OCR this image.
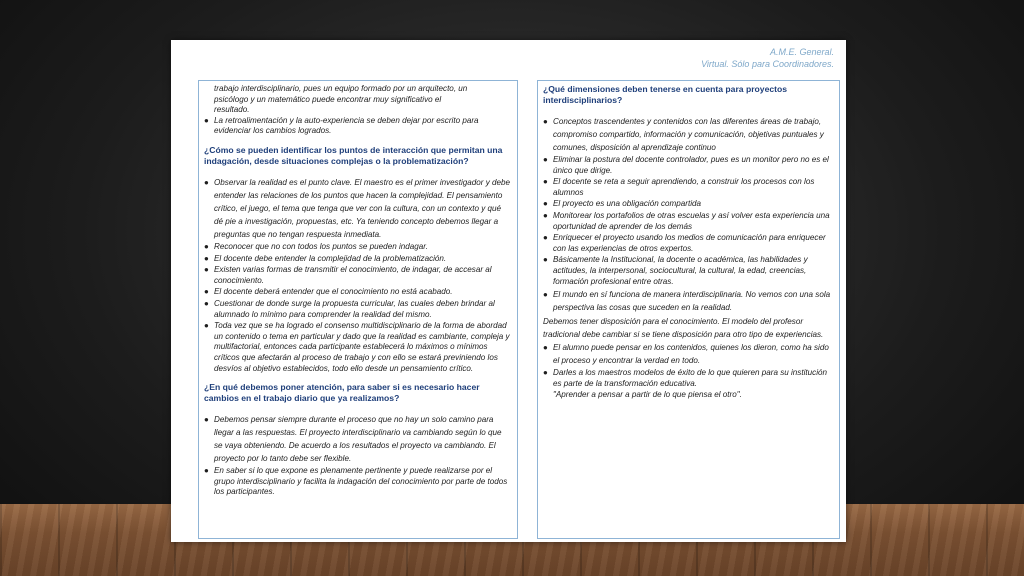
A.M.E. General.
Virtual. Sólo para Coordinadores.
trabajo interdisciplinario, pues un equipo formado por un arquitecto, un
psicólogo y un matemático puede encontrar muy significativo el
resultado.
● La retroalimentación y la auto-experiencia se deben dejar por escrito para evidenciar los cambios logrados.
¿Cómo se pueden identificar los puntos de interacción que permitan una indagación, desde situaciones complejas o la problematización?
● Observar la realidad es el punto clave. El maestro es el primer investigador y debe entender las relaciones de los puntos que hacen la complejidad. El pensamiento crítico, el juego, el tema que tenga que ver con la cultura, con un contexto y qué dé pie a investigación, propuestas, etc. Ya teniendo concepto debemos llegar a preguntas que no tengan respuesta inmediata.
● Reconocer que no con todos los puntos se pueden indagar.
● El docente debe entender la complejidad de la problematización.
● Existen varias formas de transmitir el conocimiento, de indagar, de accesar al conocimiento.
● El docente deberá entender que el conocimiento no está acabado.
● Cuestionar de donde surge la propuesta curricular, las cuales deben brindar al alumnado lo mínimo para comprender la realidad del mismo.
● Toda vez que se ha logrado el consenso multidisciplinario de la forma de abordad un contenido o tema en particular y dado que la realidad es cambiante, compleja y multifactorial, entonces cada participante establecerá lo máximos o mínimos críticos que afectarán al proceso de trabajo y con ello se estará previniendo los desvíos al objetivo establecidos, todo ello desde un pensamiento crítico.
¿En qué debemos poner atención, para saber si es necesario hacer cambios en el trabajo diario que ya realizamos?
● Debemos pensar siempre durante el proceso que no hay un solo camino para llegar a las respuestas. El proyecto interdisciplinario va cambiando según lo que se vaya obteniendo. De acuerdo a los resultados el proyecto va cambiando. El proyecto por lo tanto debe ser flexible.
● En saber si lo que expone es plenamente pertinente y puede realizarse por el grupo interdisciplinario y facilita la indagación del conocimiento por parte de todos los participantes.
¿Qué dimensiones deben tenerse en cuenta para proyectos interdisciplinarios?
● Conceptos trascendentes y contenidos con las diferentes áreas de trabajo, compromiso compartido, información y comunicación, objetivas puntuales y comunes, disposición al aprendizaje continuo
● Eliminar la postura del docente controlador, pues es un monitor pero no es el único que dirige.
● El docente se reta a seguir aprendiendo, a construir los procesos con los alumnos
● El proyecto es una obligación compartida
● Monitorear los portafolios de otras escuelas y así volver esta experiencia una oportunidad de aprender de los demás
● Enriquecer el proyecto usando los medios de comunicación para enriquecer con las experiencias de otros expertos.
● Básicamente la Institucional, la docente o académica, las habilidades y actitudes, la interpersonal, sociocultural, la cultural, la edad, creencias, formación profesional entre otras.
● El mundo en sí funciona de manera interdisciplinaria. No vemos con una sola perspectiva las cosas que suceden en la realidad.
Debemos tener disposición para el conocimiento. El modelo del profesor tradicional debe cambiar si se tiene disposición para otro tipo de experiencias.
● El alumno puede pensar en los contenidos, quienes los dieron, como ha sido el proceso y encontrar la verdad en todo.
● Darles a los maestros modelos de éxito de lo que quieren para su institución es parte de la transformación educativa.
"Aprender a pensar a partir de lo que piensa el otro".
